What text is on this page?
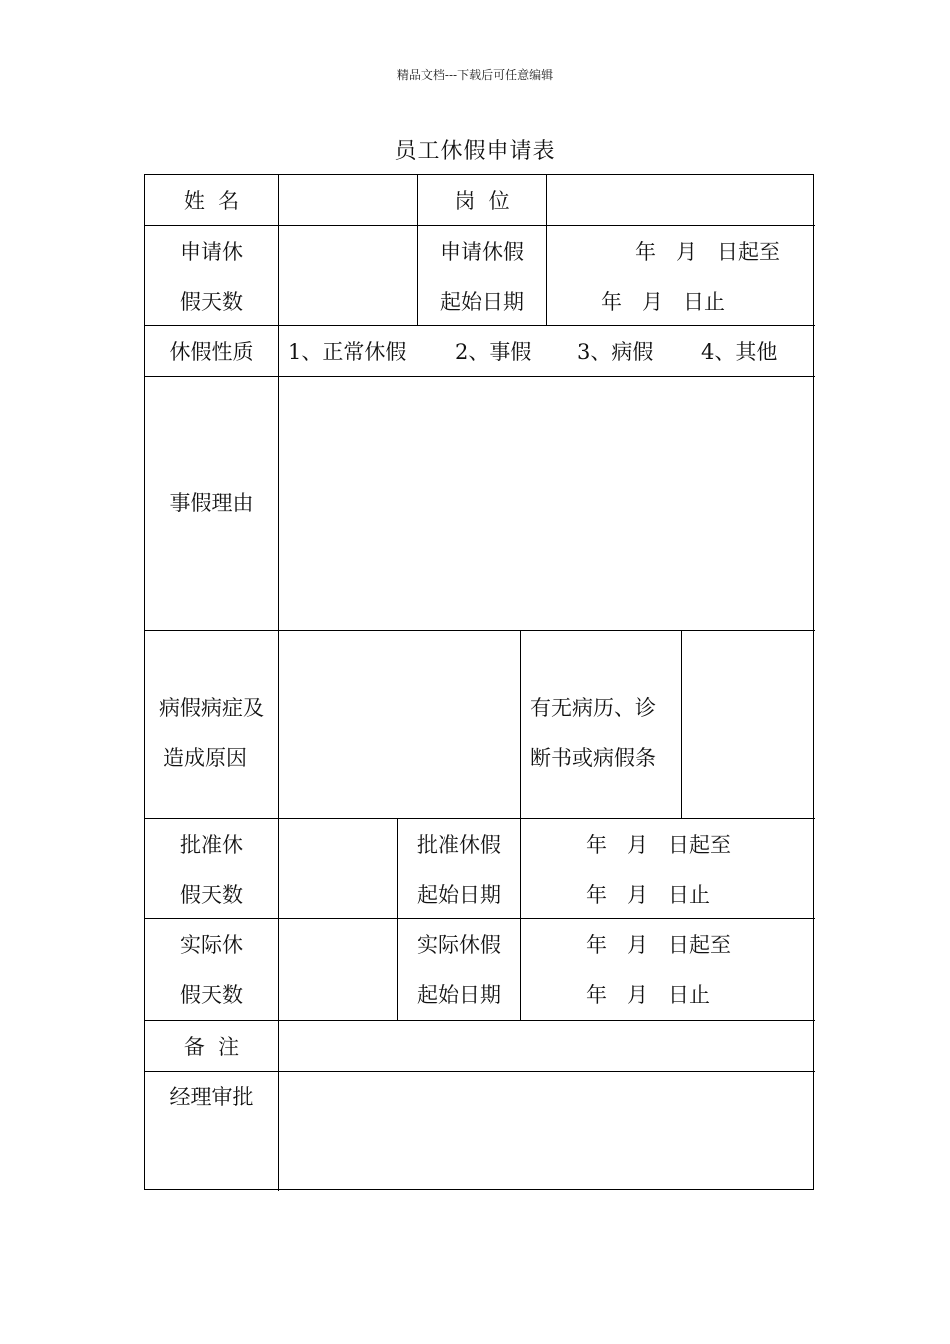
精品文档---下载后可任意编辑
员工休假申请表
姓  名	岗  位
申请休
假天数
申请休假
起始日期
年   月   日起至
年   月   日止
休假性质	1、正常休假 2、事假 3、病假 4、其他
事假理由
病假病症及
造成原因
有无病历、诊
断书或病假条
批准休
假天数
批准休假
起始日期
年   月   日起至
年   月   日止
实际休
假天数
实际休假
起始日期
年   月   日起至
年   月   日止
备  注
经理审批
